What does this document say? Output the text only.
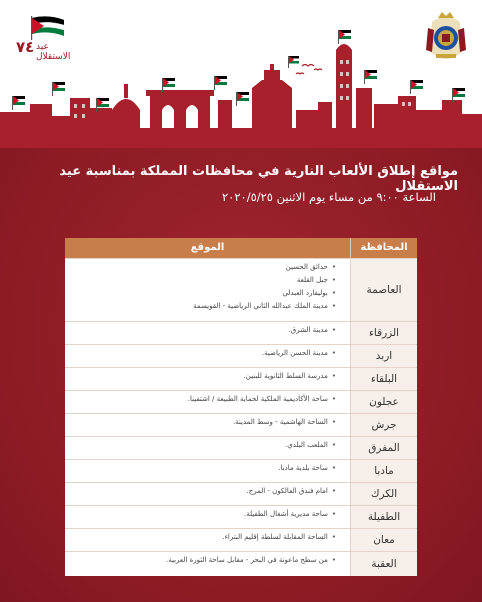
٧٤ عيد الاستقلال
مواقع إطلاق الألعاب النارية في محافظات المملكة بمناسبة عيد الاستقلال
الساعة ٩:٠٠ من مساء يوم الاثنين ٢٠٢٠/٥/٢٥
المحافظة
الموقع
العاصمة
• حدائق الحسين
• جبل القلعة
• بوليفارد العبدلي
• مدينة الملك عبدالله الثاني الرياضية - القويسمة
الزرقاء
• مدينة الشرق.
اربد
• مدينة الحسن الرياضية.
البلقاء
• مدرسة السلط الثانوية للبنين.
عجلون
• ساحة الأكاديمية الملكية لحماية الطبيعة / اشتفينا.
جرش
• الساحة الهاشمية - وسط المدينة.
المفرق
• الملعب البلدي.
مادبا
• ساحة بلدية مادبا.
الكرك
• امام فندق الفالكون - المرج.
الطفيلة
• ساحة مديرية أشغال الطفيلة.
معان
• الساحة المقابلة لسلطة إقليم البتراء.
العقبة
• من سطح ماعونة في البحر - مقابل ساحة الثورة العربية.
